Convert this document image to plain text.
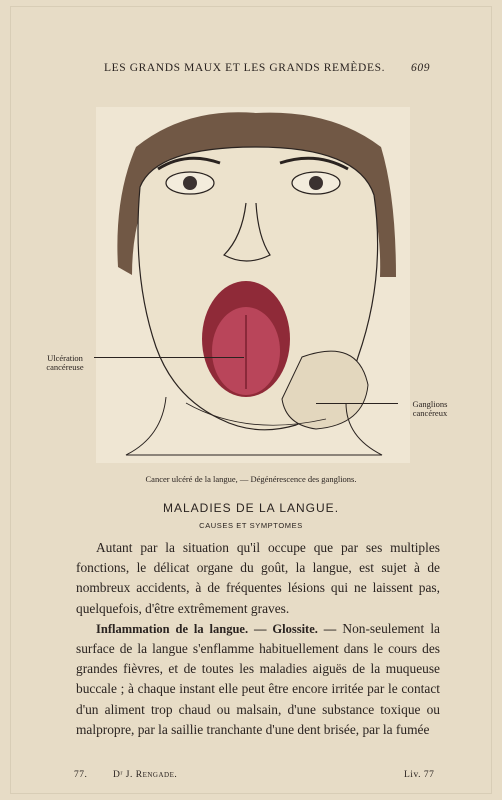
LES GRANDS MAUX ET LES GRANDS REMÈDES. 609
Ulcération cancéreuse
Ganglions cancéreux
Cancer ulcéré de la langue, — Dégénérescence des ganglions.
MALADIES DE LA LANGUE.
CAUSES ET SYMPTOMES

Autant par la situation qu'il occupe que par ses multiples fonctions, le délicat organe du goût, la langue, est sujet à de nombreux accidents, à de fréquentes lésions qui ne laissent pas, quelquefois, d'être extrêmement graves.

Inflammation de la langue. — Glossite. — Non-seulement la surface de la langue s'enflamme habituellement dans le cours des grandes fièvres, et de toutes les maladies aiguës de la muqueuse buccale ; à chaque instant elle peut être encore irritée par le contact d'un aliment trop chaud ou malsain, d'une substance toxique ou malpropre, par la saillie tranchante d'une dent brisée, par la fumée

77.	Dʳ J. Rengade.	Liv. 77
